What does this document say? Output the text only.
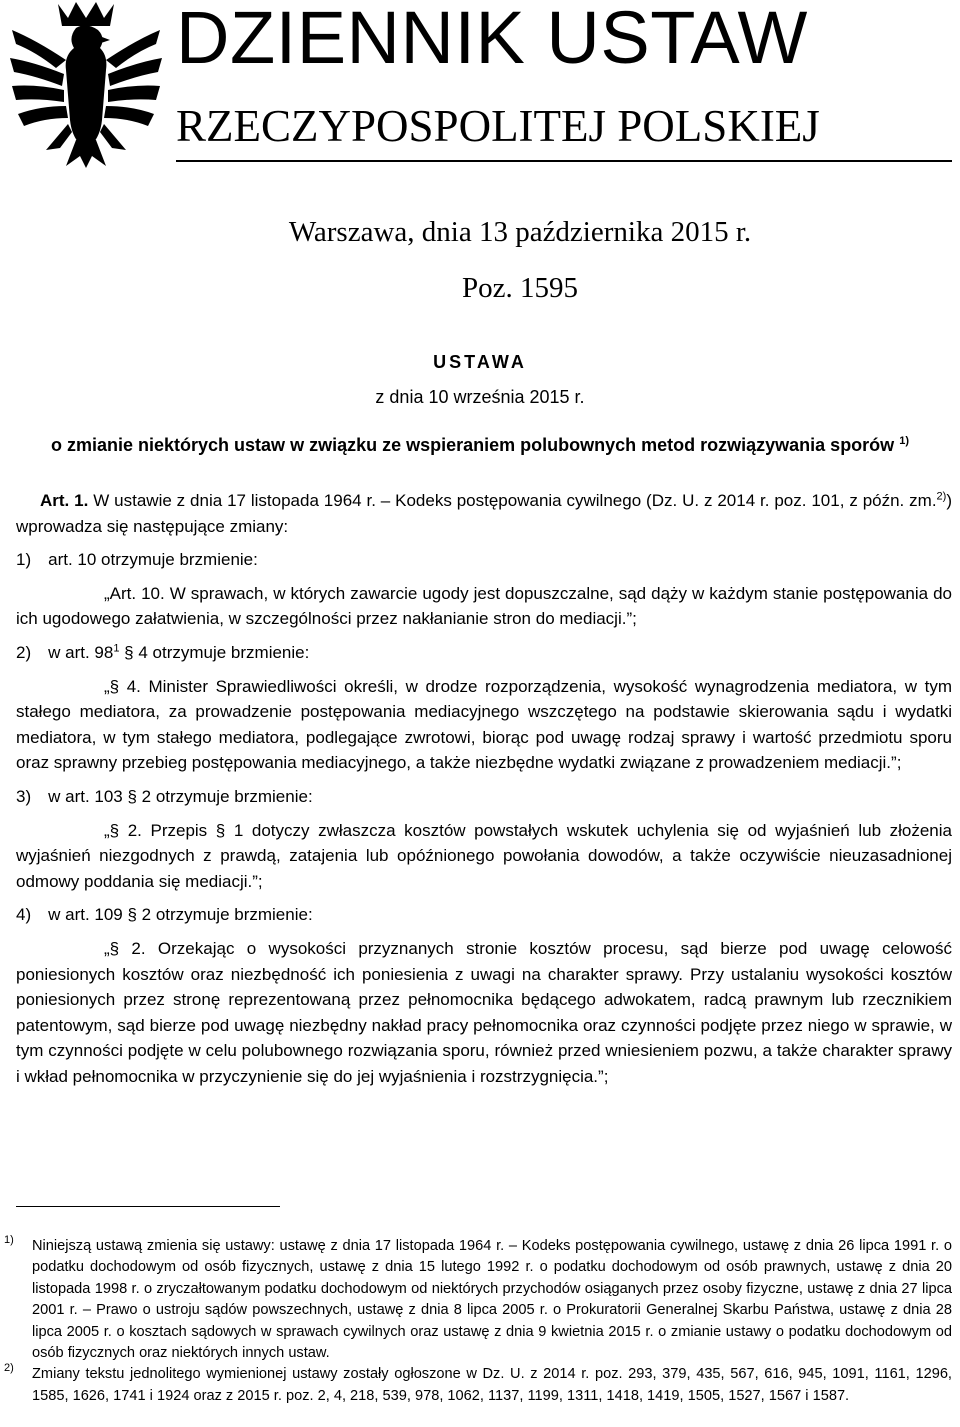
DZIENNIK USTAW
RZECZYPOSPOLITEJ POLSKIEJ
Warszawa, dnia 13 października 2015 r.
Poz. 1595
USTAWA
z dnia 10 września 2015 r.
o zmianie niektórych ustaw w związku ze wspieraniem polubownych metod rozwiązywania sporów $^{1)}$

Art. 1. W ustawie z dnia 17 listopada 1964 r. – Kodeks postępowania cywilnego (Dz. U. z 2014 r. poz. 101, z późn. zm.$^{2)}$) wprowadza się następujące zmiany:

1) art. 10 otrzymuje brzmienie:

„Art. 10. W sprawach, w których zawarcie ugody jest dopuszczalne, sąd dąży w każdym stanie postępowania do ich ugodowego załatwienia, w szczególności przez nakłanianie stron do mediacji.”;

2) w art. $98^1$ § 4 otrzymuje brzmienie:

„§ 4. Minister Sprawiedliwości określi, w drodze rozporządzenia, wysokość wynagrodzenia mediatora, w tym stałego mediatora, za prowadzenie postępowania mediacyjnego wszczętego na podstawie skierowania sądu i wydatki mediatora, w tym stałego mediatora, podlegające zwrotowi, biorąc pod uwagę rodzaj sprawy i wartość przedmiotu sporu oraz sprawny przebieg postępowania mediacyjnego, a także niezbędne wydatki związane z prowadzeniem mediacji.”;

3) w art. 103 § 2 otrzymuje brzmienie:

„§ 2. Przepis § 1 dotyczy zwłaszcza kosztów powstałych wskutek uchylenia się od wyjaśnień lub złożenia wyjaśnień niezgodnych z prawdą, zatajenia lub opóźnionego powołania dowodów, a także oczywiście nieuzasadnionej odmowy poddania się mediacji.”;

4) w art. 109 § 2 otrzymuje brzmienie:

„§ 2. Orzekając o wysokości przyznanych stronie kosztów procesu, sąd bierze pod uwagę celowość poniesionych kosztów oraz niezbędność ich poniesienia z uwagi na charakter sprawy. Przy ustalaniu wysokości kosztów poniesionych przez stronę reprezentowaną przez pełnomocnika będącego adwokatem, radcą prawnym lub rzecznikiem patentowym, sąd bierze pod uwagę niezbędny nakład pracy pełnomocnika oraz czynności podjęte przez niego w sprawie, w tym czynności podjęte w celu polubownego rozwiązania sporu, również przed wniesieniem pozwu, a także charakter sprawy i wkład pełnomocnika w przyczynienie się do jej wyjaśnienia i rozstrzygnięcia.”;

1) Niniejszą ustawą zmienia się ustawy: ustawę z dnia 17 listopada 1964 r. – Kodeks postępowania cywilnego, ustawę z dnia 26 lipca 1991 r. o podatku dochodowym od osób fizycznych, ustawę z dnia 15 lutego 1992 r. o podatku dochodowym od osób prawnych, ustawę z dnia 20 listopada 1998 r. o zryczałtowanym podatku dochodowym od niektórych przychodów osiąganych przez osoby fizyczne, ustawę z dnia 27 lipca 2001 r. – Prawo o ustroju sądów powszechnych, ustawę z dnia 8 lipca 2005 r. o Prokuratorii Generalnej Skarbu Państwa, ustawę z dnia 28 lipca 2005 r. o kosztach sądowych w sprawach cywilnych oraz ustawę z dnia 9 kwietnia 2015 r. o zmianie ustawy o podatku dochodowym od osób fizycznych oraz niektórych innych ustaw.

2) Zmiany tekstu jednolitego wymienionej ustawy zostały ogłoszone w Dz. U. z 2014 r. poz. 293, 379, 435, 567, 616, 945, 1091, 1161, 1296, 1585, 1626, 1741 i 1924 oraz z 2015 r. poz. 2, 4, 218, 539, 978, 1062, 1137, 1199, 1311, 1418, 1419, 1505, 1527, 1567 i 1587.
